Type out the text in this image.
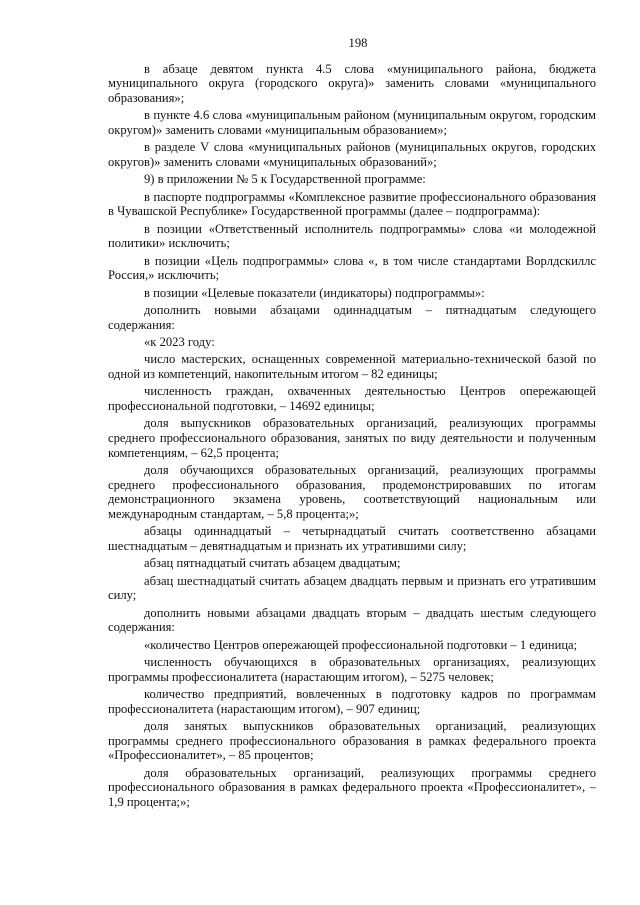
198

в абзаце девятом пункта 4.5 слова «муниципального района, бюджета муниципального округа (городского округа)» заменить словами «муниципального образования»;

в пункте 4.6 слова «муниципальным районом (муниципальным округом, городским округом)» заменить словами «муниципальным образованием»;

в разделе V слова «муниципальных районов (муниципальных округов, городских округов)» заменить словами «муниципальных образований»;

9) в приложении № 5 к Государственной программе:

в паспорте подпрограммы «Комплексное развитие профессионального образования в Чувашской Республике» Государственной программы (далее – подпрограмма):

в позиции «Ответственный исполнитель подпрограммы» слова «и молодежной политики» исключить;

в позиции «Цель подпрограммы» слова «, в том числе стандартами Ворлдскиллс Россия,» исключить;

в позиции «Целевые показатели (индикаторы) подпрограммы»:

дополнить новыми абзацами одиннадцатым – пятнадцатым следующего содержания:

«к 2023 году:

число мастерских, оснащенных современной материально-технической базой по одной из компетенций, накопительным итогом – 82 единицы;

численность граждан, охваченных деятельностью Центров опережающей профессиональной подготовки, – 14692 единицы;

доля выпускников образовательных организаций, реализующих программы среднего профессионального образования, занятых по виду деятельности и полученным компетенциям, – 62,5 процента;

доля обучающихся образовательных организаций, реализующих программы среднего профессионального образования, продемонстрировавших по итогам демонстрационного экзамена уровень, соответствующий национальным или международным стандартам, – 5,8 процента;»;

абзацы одиннадцатый – четырнадцатый считать соответственно абзацами шестнадцатым – девятнадцатым и признать их утратившими силу;

абзац пятнадцатый считать абзацем двадцатым;

абзац шестнадцатый считать абзацем двадцать первым и признать его утратившим силу;

дополнить новыми абзацами двадцать вторым – двадцать шестым следующего содержания:

«количество Центров опережающей профессиональной подготовки – 1 единица;

численность обучающихся в образовательных организациях, реализующих программы профессионалитета (нарастающим итогом), – 5275 человек;

количество предприятий, вовлеченных в подготовку кадров по программам профессионалитета (нарастающим итогом), – 907 единиц;

доля занятых выпускников образовательных организаций, реализующих программы среднего профессионального образования в рамках федерального проекта «Профессионалитет», – 85 процентов;

доля образовательных организаций, реализующих программы среднего профессионального образования в рамках федерального проекта «Профессионалитет», – 1,9 процента;»;
